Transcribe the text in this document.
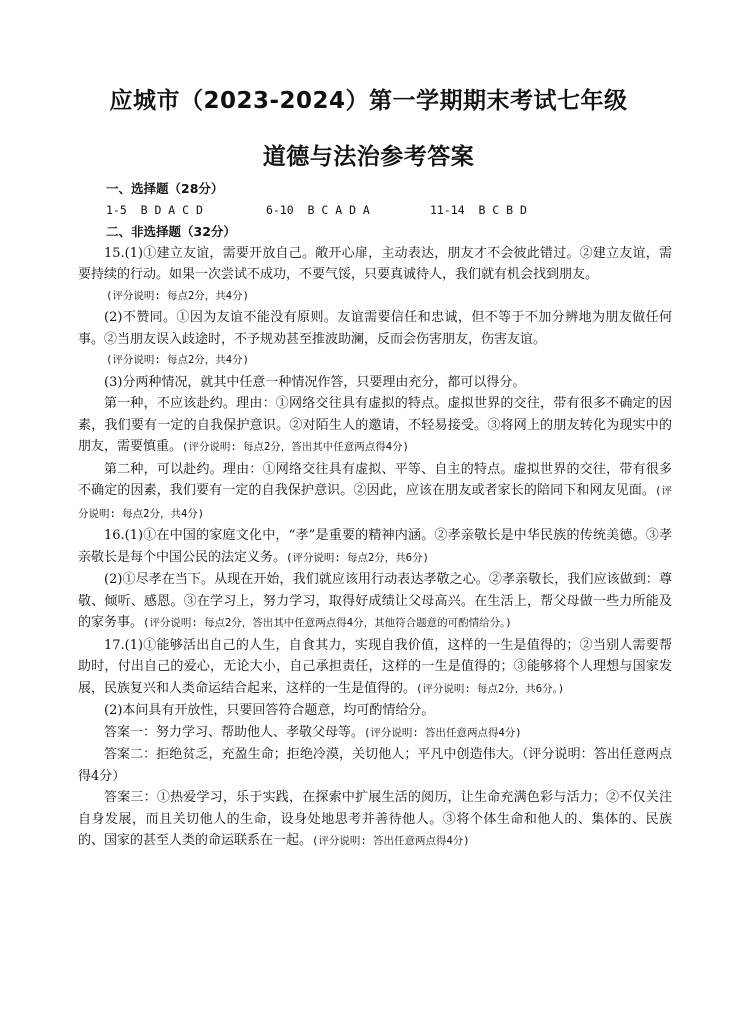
应城市（2023-2024）第一学期期末考试七年级
道德与法治参考答案

一、选择题（28分）

1-5  B D A C D	6-10  B C A D A	11-14  B C B D

二、非选择题（32分）

15.(1)①建立友谊，需要开放自己。敞开心扉，主动表达，朋友才不会彼此错过。②建立友谊，需要持续的行动。如果一次尝试不成功，不要气馁，只要真诚待人，我们就有机会找到朋友。

(评分说明: 每点2分，共4分)

(2)不赞同。①因为友谊不能没有原则。友谊需要信任和忠诚，但不等于不加分辨地为朋友做任何事。②当朋友误入歧途时，不予规劝甚至推波助澜，反而会伤害朋友，伤害友谊。

(评分说明: 每点2分，共4分)

(3)分两种情况，就其中任意一种情况作答，只要理由充分，都可以得分。

第一种，不应该赴约。理由：①网络交往具有虚拟的特点。虚拟世界的交往，带有很多不确定的因素，我们要有一定的自我保护意识。②对陌生人的邀请，不轻易接受。③将网上的朋友转化为现实中的朋友，需要慎重。(评分说明: 每点2分，答出其中任意两点得4分)

第二种，可以赴约。理由：①网络交往具有虚拟、平等、自主的特点。虚拟世界的交往，带有很多不确定的因素，我们要有一定的自我保护意识。②因此，应该在朋友或者家长的陪同下和网友见面。(评分说明: 每点2分，共4分)

16.(1)①在中国的家庭文化中，“孝”是重要的精神内涵。②孝亲敬长是中华民族的传统美德。③孝亲敬长是每个中国公民的法定义务。(评分说明: 每点2分，共6分)

(2)①尽孝在当下。从现在开始，我们就应该用行动表达孝敬之心。②孝亲敬长，我们应该做到：尊敬、倾听、感恩。③在学习上，努力学习，取得好成绩让父母高兴。在生活上，帮父母做一些力所能及的家务事。(评分说明: 每点2分，答出其中任意两点得4分，其他符合题意的可酌情给分。)

17.(1)①能够活出自己的人生，自食其力，实现自我价值，这样的一生是值得的；②当别人需要帮助时，付出自己的爱心，无论大小，自己承担责任，这样的一生是值得的；③能够将个人理想与国家发展，民族复兴和人类命运结合起来，这样的一生是值得的。(评分说明: 每点2分，共6分。)

(2)本问具有开放性，只要回答符合题意，均可酌情给分。

答案一：努力学习、帮助他人、孝敬父母等。(评分说明: 答出任意两点得4分)

答案二：拒绝贫乏，充盈生命；拒绝冷漠，关切他人；平凡中创造伟大。（评分说明：答出任意两点得4分）

答案三：①热爱学习，乐于实践，在探索中扩展生活的阅历，让生命充满色彩与活力；②不仅关注自身发展，而且关切他人的生命，设身处地思考并善待他人。③将个体生命和他人的、集体的、民族的、国家的甚至人类的命运联系在一起。(评分说明: 答出任意两点得4分)
